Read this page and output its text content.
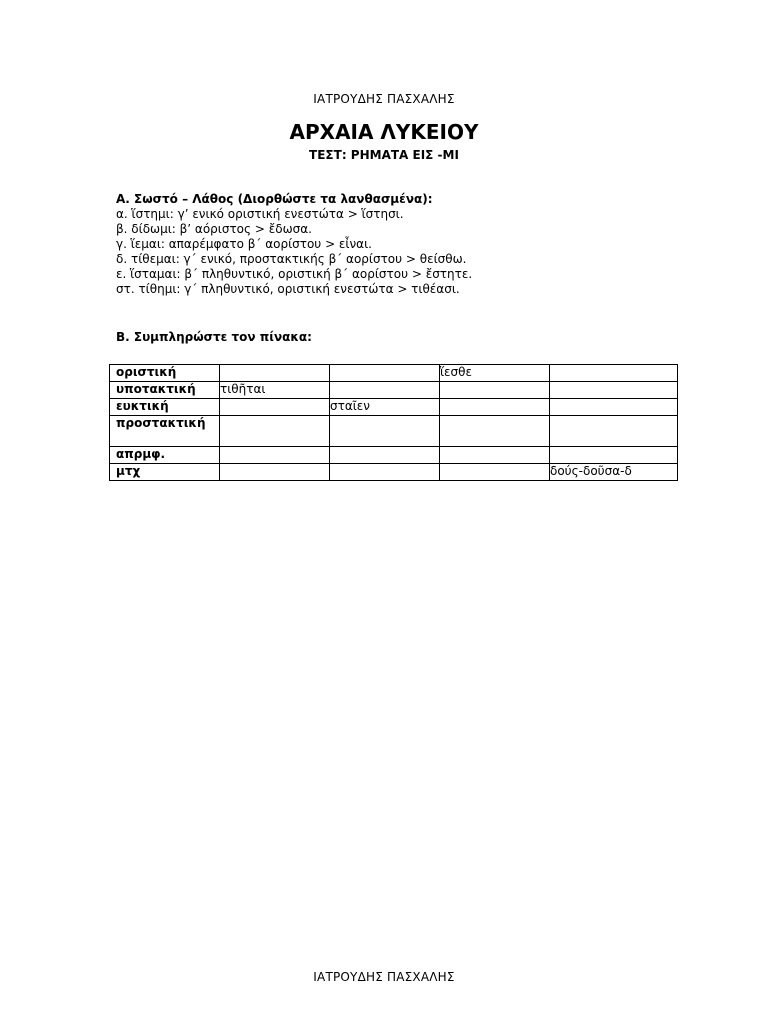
ΙΑΤΡΟΥΔΗΣ ΠΑΣΧΑΛΗΣ
ΑΡΧΑΙΑ ΛΥΚΕΙΟΥ
ΤΕΣΤ: ΡΗΜΑΤΑ ΕΙΣ -ΜΙ
Α. Σωστό – Λάθος (Διορθώστε τα λανθασμένα):
α. ἵστημι: γ’ ενικό οριστική ενεστώτα > ἵστησι.
β. δίδωμι: β’ αόριστος > ἔδωσα.
γ. ἵεμαι: απαρέμφατο β΄ αορίστου > εἶναι.
δ. τίθεμαι: γ΄ ενικό, προστακτικής β΄ αορίστου > θείσθω.
ε. ἵσταμαι: β΄ πληθυντικό, οριστική β΄ αορίστου > ἔστητε.
στ. τίθημι: γ΄ πληθυντικό, οριστική ενεστώτα > τιθέασι.
Β. Συμπληρώστε τον πίνακα:
οριστική			ἵεσθε	
υποτακτική	τιθῆται			
ευκτική		σταῖεν		
προστακτική				
απρμφ.				
μτχ				δούς-δοῦσα-δ
ΙΑΤΡΟΥΔΗΣ ΠΑΣΧΑΛΗΣ
